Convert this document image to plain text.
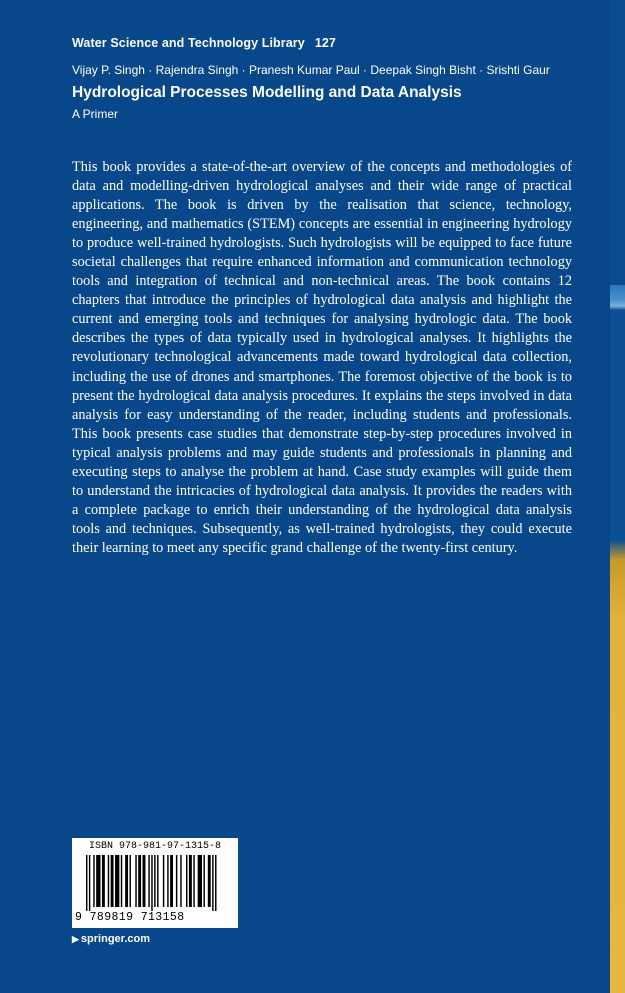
Water Science and Technology Library 127
Vijay P. Singh · Rajendra Singh · Pranesh Kumar Paul · Deepak Singh Bisht · Srishti Gaur
Hydrological Processes Modelling and Data Analysis
A Primer
This book provides a state-of-the-art overview of the concepts and methodologies of data and modelling-driven hydrological analyses and their wide range of practical applications. The book is driven by the realisation that science, technology, engineering, and mathematics (STEM) concepts are essential in engineering hydrology to produce well-trained hydrologists. Such hydrologists will be equipped to face future societal challenges that require enhanced information and communication technology tools and integration of technical and non-technical areas. The book contains 12 chapters that introduce the principles of hydrological data analysis and highlight the current and emerging tools and techniques for analysing hydrologic data. The book describes the types of data typically used in hydrological analyses. It highlights the revolutionary technological advancements made toward hydrological data collection, including the use of drones and smartphones. The foremost objective of the book is to present the hydrological data analysis procedures. It explains the steps involved in data analysis for easy understanding of the reader, including students and professionals. This book presents case studies that demonstrate step-by-step procedures involved in typical analysis problems and may guide students and professionals in planning and executing steps to analyse the problem at hand. Case study examples will guide them to understand the intricacies of hydrological data analysis. It provides the readers with a complete package to enrich their understanding of the hydrological data analysis tools and techniques. Subsequently, as well-trained hydrologists, they could execute their learning to meet any specific grand challenge of the twenty-first century.
ISBN 978-981-97-1315-8
9 789819 713158
▶ springer.com
